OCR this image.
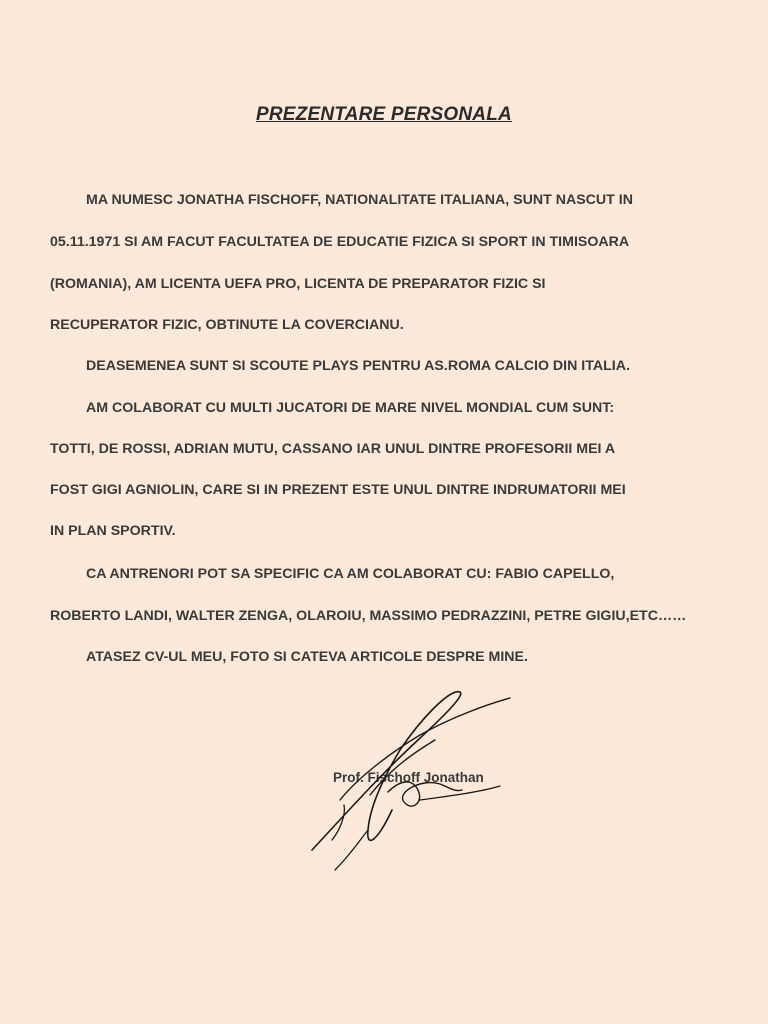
PREZENTARE PERSONALA
MA NUMESC JONATHA FISCHOFF, NATIONALITATE ITALIANA, SUNT NASCUT IN
05.11.1971 SI AM FACUT FACULTATEA DE EDUCATIE FIZICA SI SPORT IN TIMISOARA
(ROMANIA), AM LICENTA UEFA PRO, LICENTA DE PREPARATOR FIZIC SI
RECUPERATOR FIZIC, OBTINUTE LA COVERCIANU.
DEASEMENEA SUNT SI SCOUTE PLAYS PENTRU AS.ROMA CALCIO DIN ITALIA.
AM COLABORAT CU MULTI JUCATORI DE MARE NIVEL MONDIAL CUM SUNT:
TOTTI, DE ROSSI, ADRIAN MUTU, CASSANO IAR UNUL DINTRE PROFESORII MEI A
FOST GIGI AGNIOLIN, CARE SI IN PREZENT ESTE UNUL DINTRE INDRUMATORII MEI
IN PLAN SPORTIV.
CA ANTRENORI POT SA SPECIFIC CA AM COLABORAT CU: FABIO CAPELLO,
ROBERTO LANDI, WALTER ZENGA, OLAROIU, MASSIMO PEDRAZZINI, PETRE GIGIU,ETC……
ATASEZ CV-UL MEU, FOTO SI CATEVA ARTICOLE DESPRE MINE.
Prof. Fischoff Jonathan
